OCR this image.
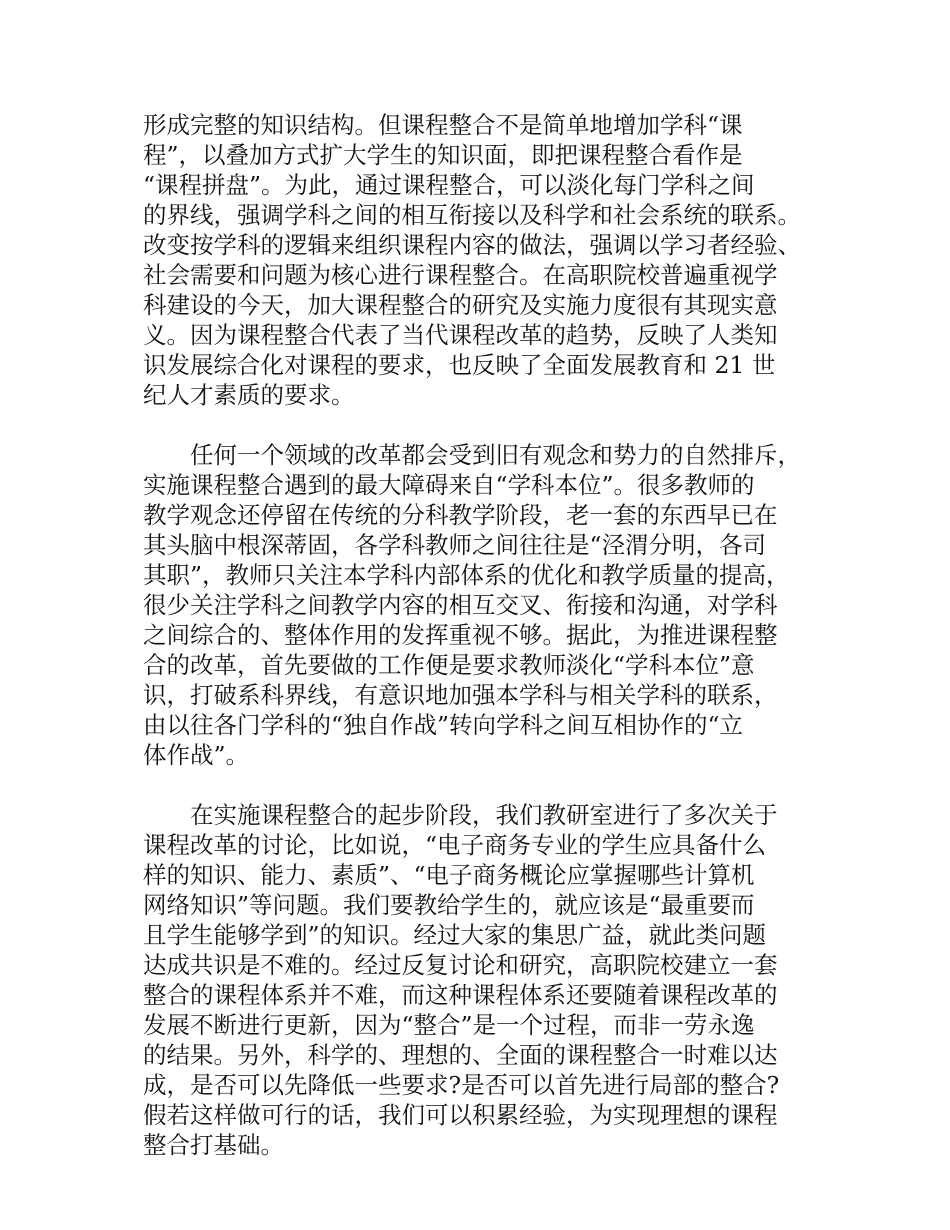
形成完整的知识结构。但课程整合不是简单地增加学科“课
程”，以叠加方式扩大学生的知识面，即把课程整合看作是
“课程拼盘”。为此，通过课程整合，可以淡化每门学科之间
的界线，强调学科之间的相互衔接以及科学和社会系统的联系。
改变按学科的逻辑来组织课程内容的做法，强调以学习者经验、
社会需要和问题为核心进行课程整合。在高职院校普遍重视学
科建设的今天，加大课程整合的研究及实施力度很有其现实意
义。因为课程整合代表了当代课程改革的趋势，反映了人类知
识发展综合化对课程的要求，也反映了全面发展教育和 21 世
纪人才素质的要求。
任何一个领域的改革都会受到旧有观念和势力的自然排斥，
实施课程整合遇到的最大障碍来自“学科本位”。很多教师的
教学观念还停留在传统的分科教学阶段，老一套的东西早已在
其头脑中根深蒂固，各学科教师之间往往是“泾渭分明，各司
其职”，教师只关注本学科内部体系的优化和教学质量的提高，
很少关注学科之间教学内容的相互交叉、衔接和沟通，对学科
之间综合的、整体作用的发挥重视不够。据此，为推进课程整
合的改革，首先要做的工作便是要求教师淡化“学科本位”意
识，打破系科界线，有意识地加强本学科与相关学科的联系，
由以往各门学科的“独自作战”转向学科之间互相协作的“立
体作战”。
在实施课程整合的起步阶段，我们教研室进行了多次关于
课程改革的讨论，比如说，“电子商务专业的学生应具备什么
样的知识、能力、素质”、“电子商务概论应掌握哪些计算机
网络知识”等问题。我们要教给学生的，就应该是“最重要而
且学生能够学到”的知识。经过大家的集思广益，就此类问题
达成共识是不难的。经过反复讨论和研究，高职院校建立一套
整合的课程体系并不难，而这种课程体系还要随着课程改革的
发展不断进行更新，因为“整合”是一个过程，而非一劳永逸
的结果。另外，科学的、理想的、全面的课程整合一时难以达
成，是否可以先降低一些要求?是否可以首先进行局部的整合?
假若这样做可行的话，我们可以积累经验，为实现理想的课程
整合打基础。
